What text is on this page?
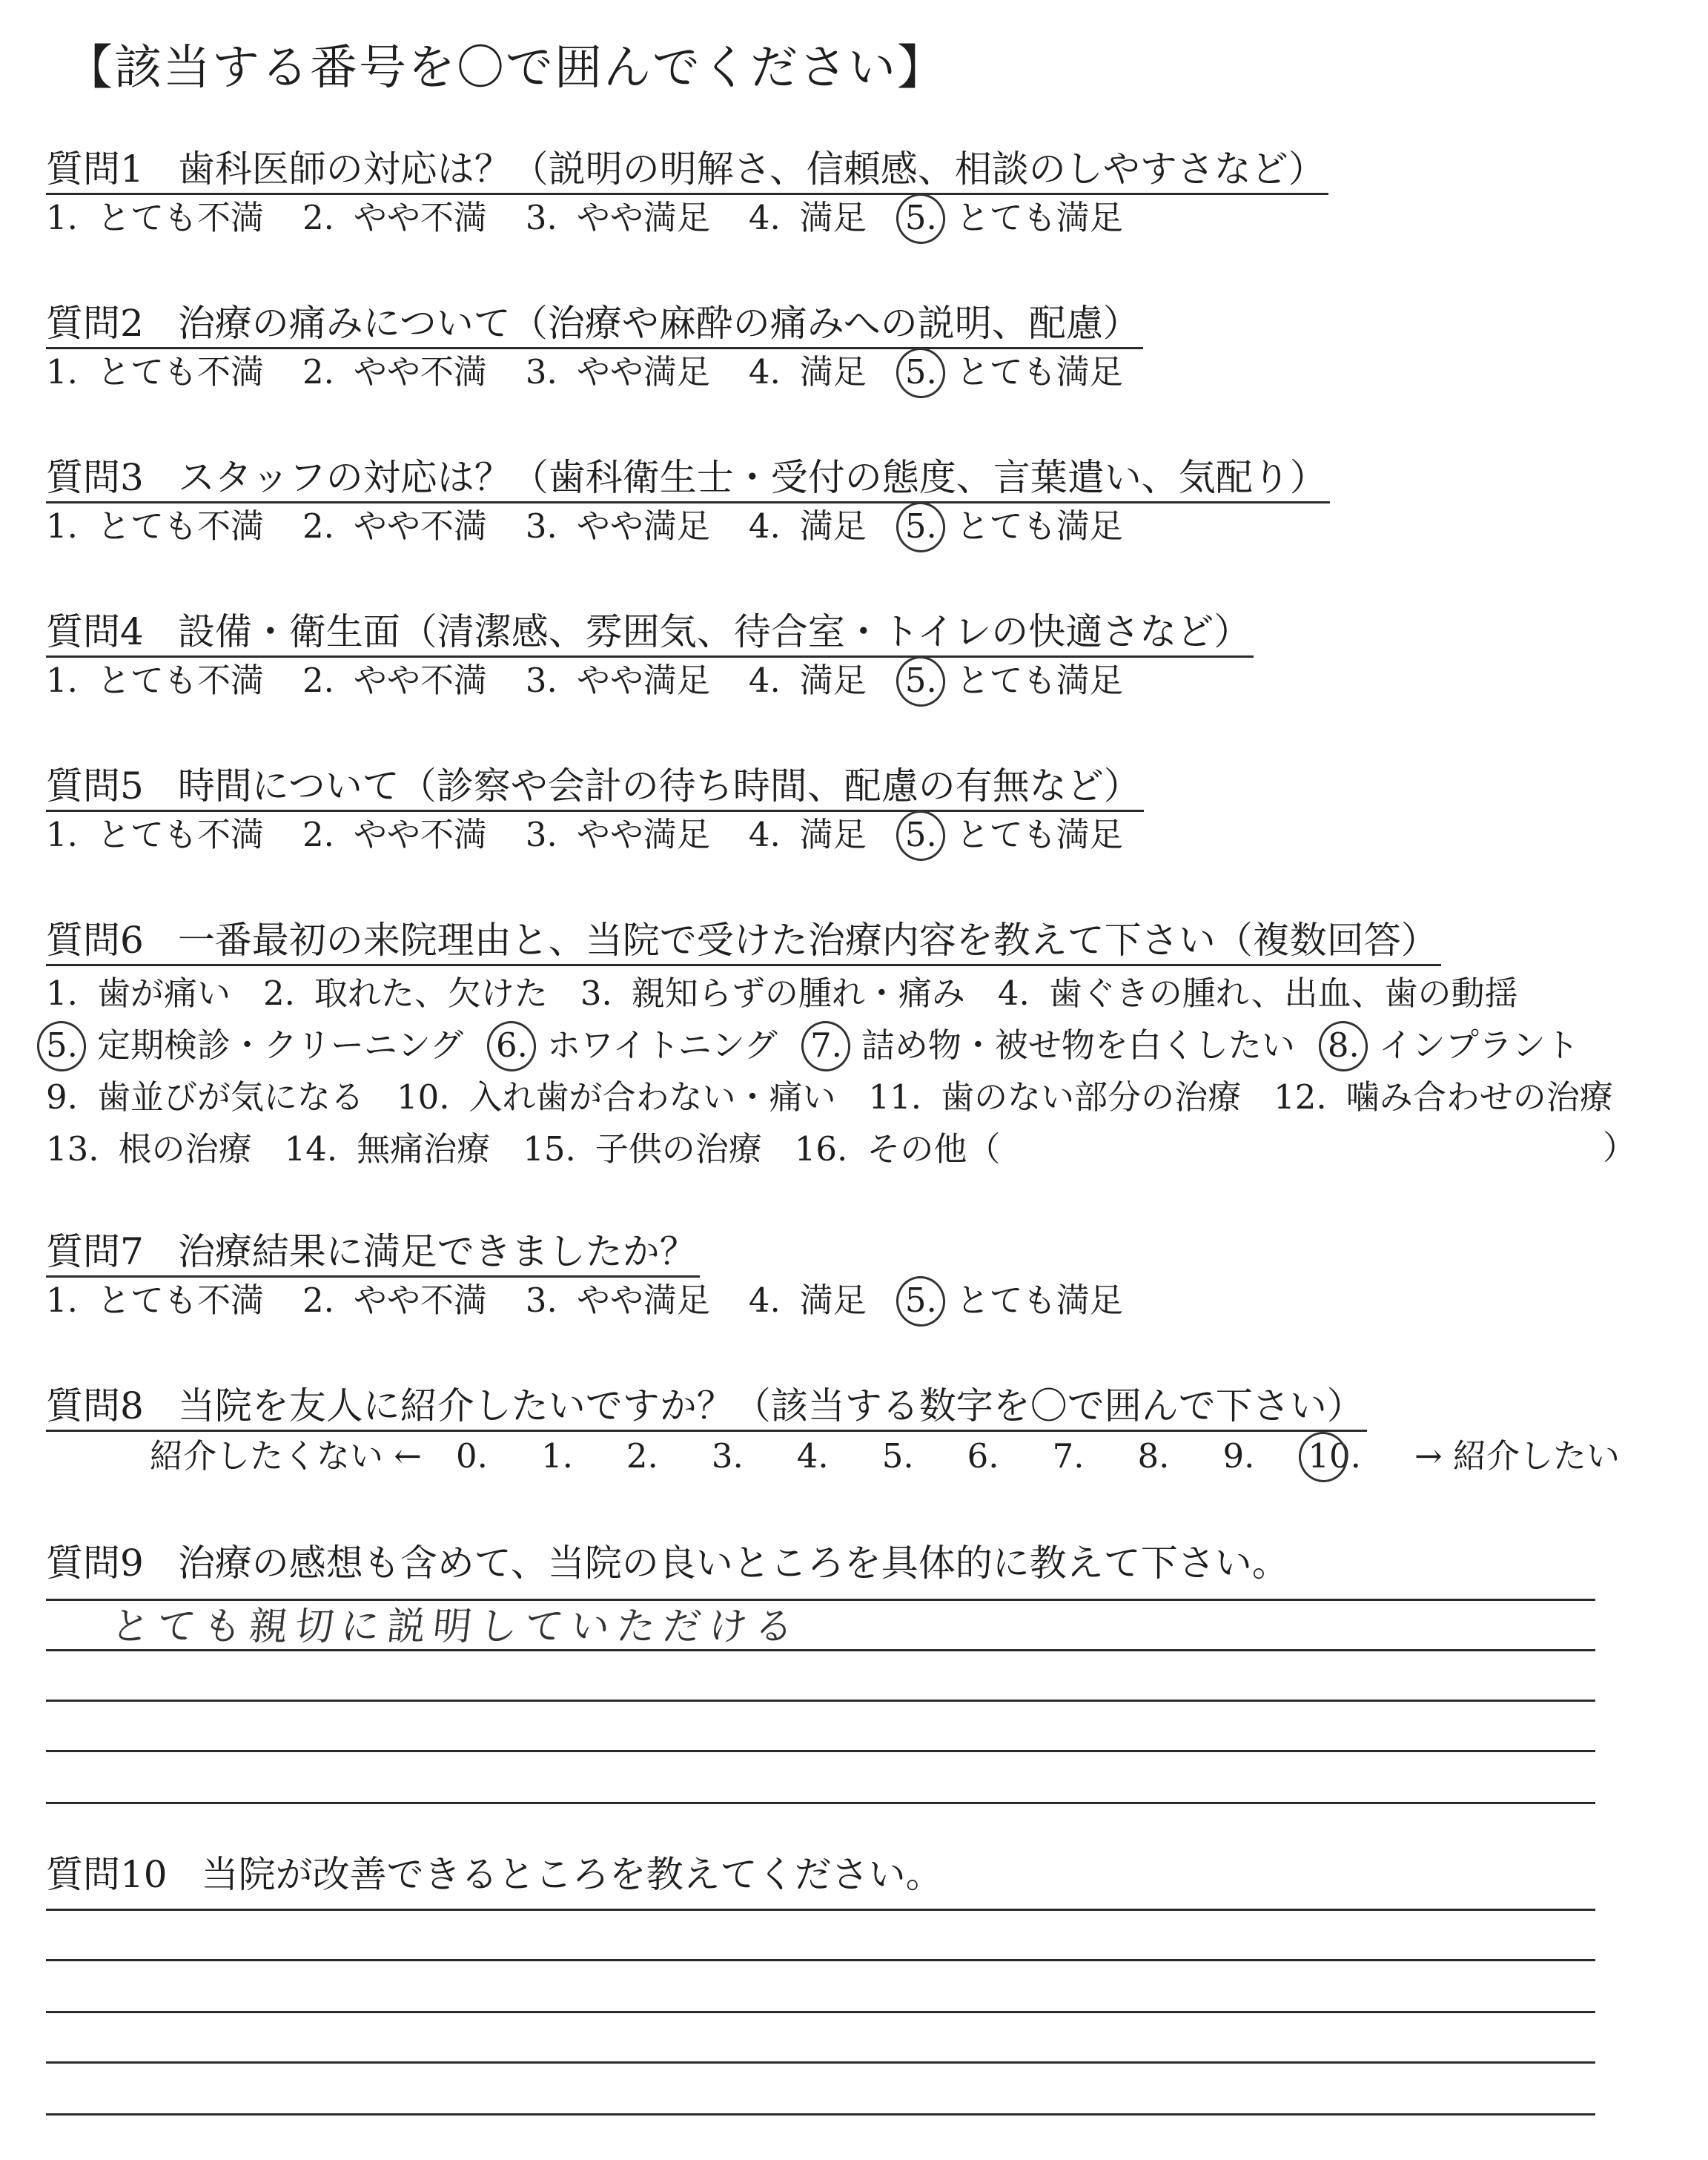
【該当する番号を〇で囲んでください】
質問1 歯科医師の対応は？（説明の明解さ、信頼感、相談のしやすさなど）
1. とても不満 2. やや不満 3. やや満足 4. 満足 5. とても満足
質問2 治療の痛みについて（治療や麻酔の痛みへの説明、配慮）
1. とても不満 2. やや不満 3. やや満足 4. 満足 5. とても満足
質問3 スタッフの対応は？（歯科衛生士・受付の態度、言葉遣い、気配り）
1. とても不満 2. やや不満 3. やや満足 4. 満足 5. とても満足
質問4 設備・衛生面（清潔感、雰囲気、待合室・トイレの快適さなど）
1. とても不満 2. やや不満 3. やや満足 4. 満足 5. とても満足
質問5 時間について（診察や会計の待ち時間、配慮の有無など）
1. とても不満 2. やや不満 3. やや満足 4. 満足 5. とても満足
質問6 一番最初の来院理由と、当院で受けた治療内容を教えて下さい（複数回答）
1. 歯が痛い 2. 取れた、欠けた 3. 親知らずの腫れ・痛み 4. 歯ぐきの腫れ、出血、歯の動揺
5. 定期検診・クリーニング 6. ホワイトニング 7. 詰め物・被せ物を白くしたい 8. インプラント
9. 歯並びが気になる 10. 入れ歯が合わない・痛い 11. 歯のない部分の治療 12. 噛み合わせの治療
13. 根の治療 14. 無痛治療 15. 子供の治療 16. その他（	）
質問7 治療結果に満足できましたか？
1. とても不満 2. やや不満 3. やや満足 4. 満足 5. とても満足
質問8 当院を友人に紹介したいですか？（該当する数字を〇で囲んで下さい）
紹介したくない ← 0. 1. 2. 3. 4. 5. 6. 7. 8. 9. 10. → 紹介したい
質問9 治療の感想も含めて、当院の良いところを具体的に教えて下さい。
とても親切に説明していただける
質問10 当院が改善できるところを教えてください。
